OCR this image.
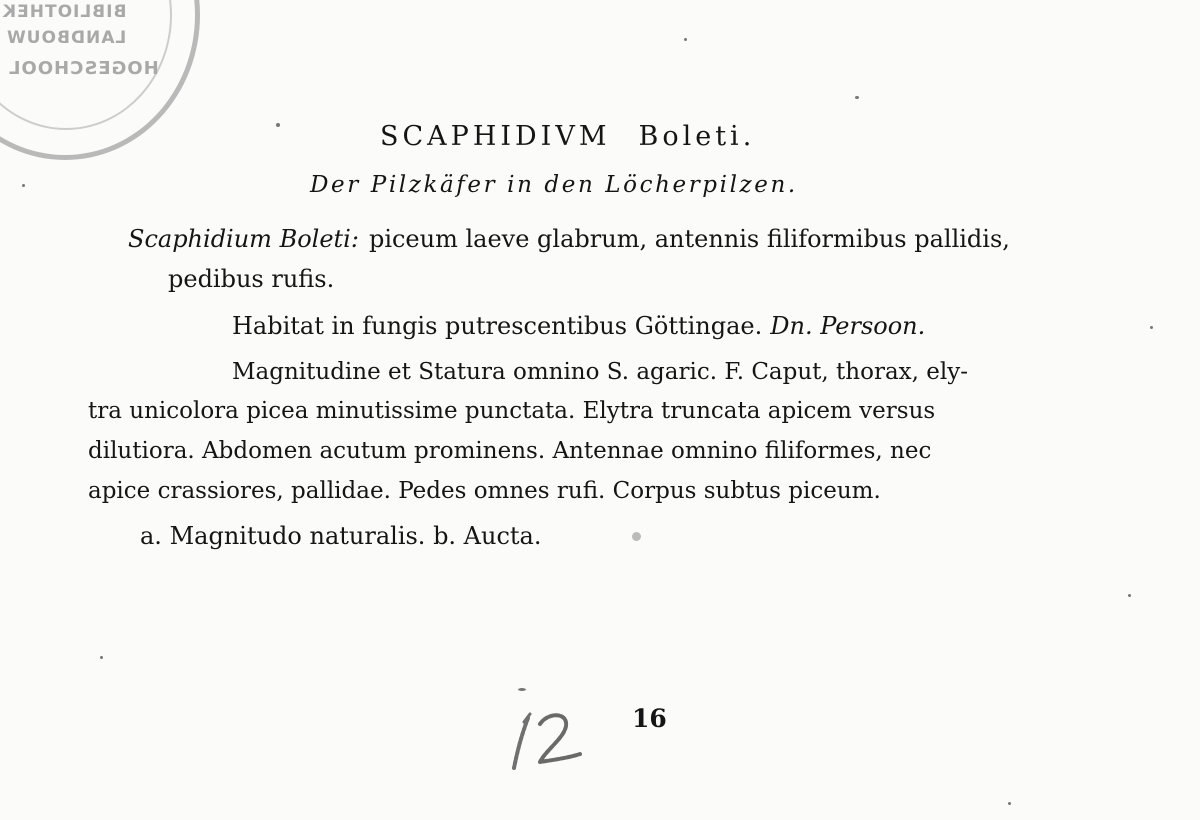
BIBLIOTHEK
LANDBOUW
HOGESCHOOL
SCAPHIDIVM Boleti.
Der Pilzkäfer in den Löcherpilzen.
Scaphidium Boleti: piceum laeve glabrum, antennis filiformibus pallidis,
pedibus rufis.
Habitat in fungis putrescentibus Göttingae. Dn. Persoon.
Magnitudine et Statura omnino S. agaric. F. Caput, thorax, ely-
tra unicolora picea minutissime punctata. Elytra truncata apicem versus
dilutiora. Abdomen acutum prominens. Antennae omnino filiformes, nec
apice crassiores, pallidae. Pedes omnes rufi. Corpus subtus piceum.
a. Magnitudo naturalis. b. Aucta.
16
